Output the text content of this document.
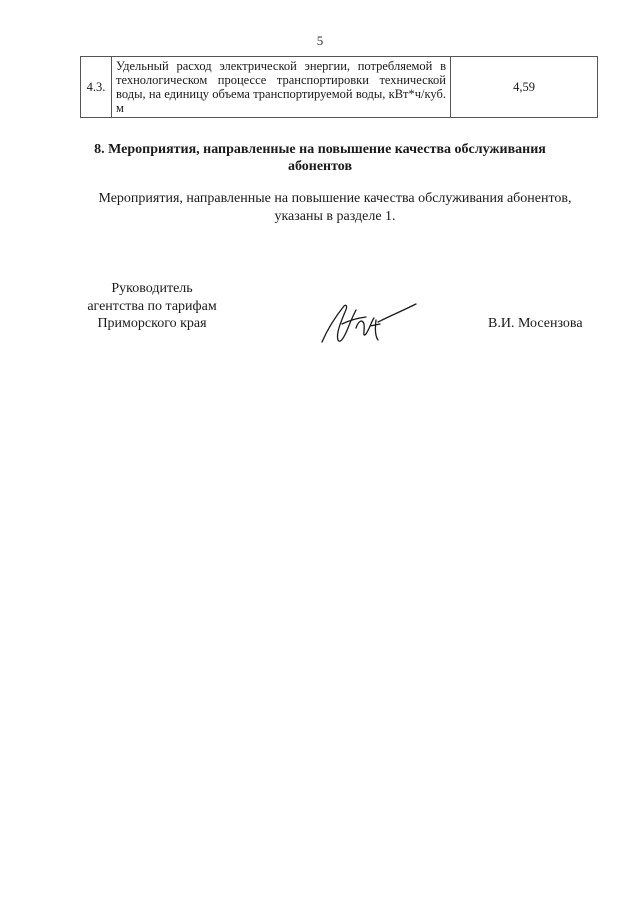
5
4.3.	Удельный расход электрической энергии, потребляемой в технологическом процессе транспортировки технической воды, на единицу объема транспортируемой воды, кВт*ч/куб. м	4,59
8. Мероприятия, направленные на повышение качества обслуживания абонентов
Мероприятия, направленные на повышение качества обслуживания абонентов, указаны в разделе 1.
Руководитель
агентства по тарифам
Приморского края	В.И. Мосензова
